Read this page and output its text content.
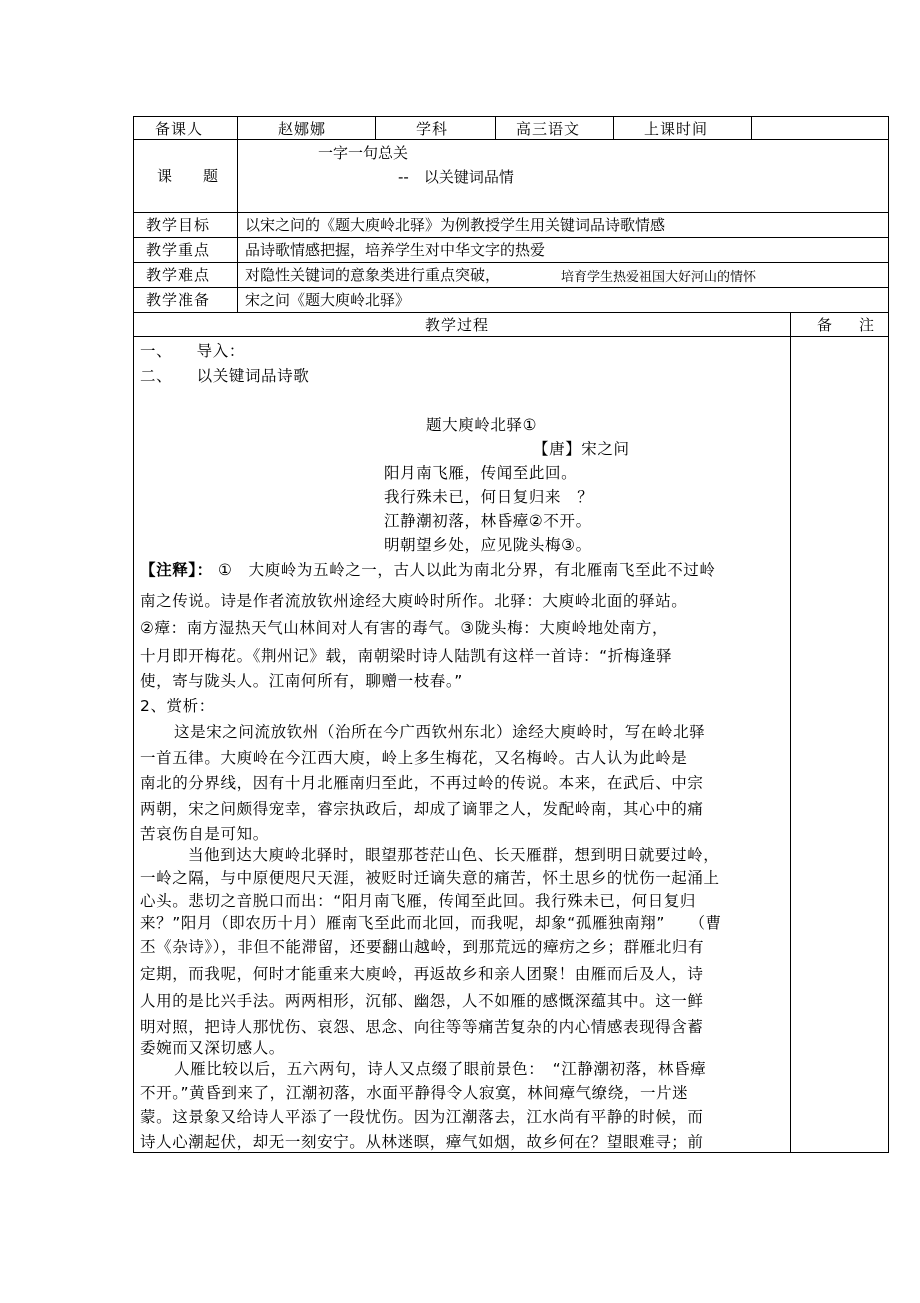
备课人	赵娜娜	学科	高三语文	上课时间
课　题
一字一句总关
--　以关键词品情
教学目标 以宋之问的《题大庾岭北驿》为例教授学生用关键词品诗歌情感
教学重点 品诗歌情感把握，培养学生对中华文字的热爱
教学难点 对隐性关键词的意象类进行重点突破，	培育学生热爱祖国大好河山的情怀
教学准备 宋之问《题大庾岭北驿》
教学过程	备　注
一、　　导入：
二、　　以关键词品诗歌
题大庾岭北驿①
【唐】宋之问
阳月南飞雁，传闻至此回。
我行殊未已，何日复归来　？
江静潮初落，林昏瘴②不开。
明朝望乡处，应见陇头梅③。
【注释】： ①　大庾岭为五岭之一，古人以此为南北分界，有北雁南飞至此不过岭
南之传说。诗是作者流放钦州途经大庾岭时所作。北驿：大庾岭北面的驿站。
②瘴：南方湿热天气山林间对人有害的毒气。③陇头梅：大庾岭地处南方，
十月即开梅花。《荆州记》载，南朝梁时诗人陆凯有这样一首诗：“折梅逢驿
使，寄与陇头人。江南何所有，聊赠一枝春。”
2、赏析：
这是宋之问流放钦州（治所在今广西钦州东北）途经大庾岭时，写在岭北驿
一首五律。大庾岭在今江西大庾，岭上多生梅花，又名梅岭。古人认为此岭是
南北的分界线，因有十月北雁南归至此，不再过岭的传说。本来，在武后、中宗
两朝，宋之问颇得宠幸，睿宗执政后，却成了谪罪之人，发配岭南，其心中的痛
苦哀伤自是可知。
当他到达大庾岭北驿时，眼望那苍茫山色、长天雁群，想到明日就要过岭，
一岭之隔，与中原便咫尺天涯，被贬时迁谪失意的痛苦，怀土思乡的忧伤一起涌上
心头。悲切之音脱口而出：“阳月南飞雁，传闻至此回。我行殊未已，何日复归
来？”阳月（即农历十月）雁南飞至此而北回，而我呢，却象“孤雁独南翔”　　（曹
丕《杂诗》），非但不能滞留，还要翻山越岭，到那荒远的瘴疠之乡；群雁北归有
定期，而我呢，何时才能重来大庾岭，再返故乡和亲人团聚！由雁而后及人，诗
人用的是比兴手法。两两相形，沉郁、幽怨，人不如雁的感慨深蕴其中。这一鲜
明对照，把诗人那忧伤、哀怨、思念、向往等等痛苦复杂的内心情感表现得含蓄
委婉而又深切感人。
人雁比较以后，五六两句，诗人又点缀了眼前景色：　“江静潮初落，林昏瘴
不开。”黄昏到来了，江潮初落，水面平静得令人寂寞，林间瘴气缭绕，一片迷
蒙。这景象又给诗人平添了一段忧伤。因为江潮落去，江水尚有平静的时候，而
诗人心潮起伏，却无一刻安宁。从林迷暝，瘴气如烟，故乡何在？望眼难寻；前
